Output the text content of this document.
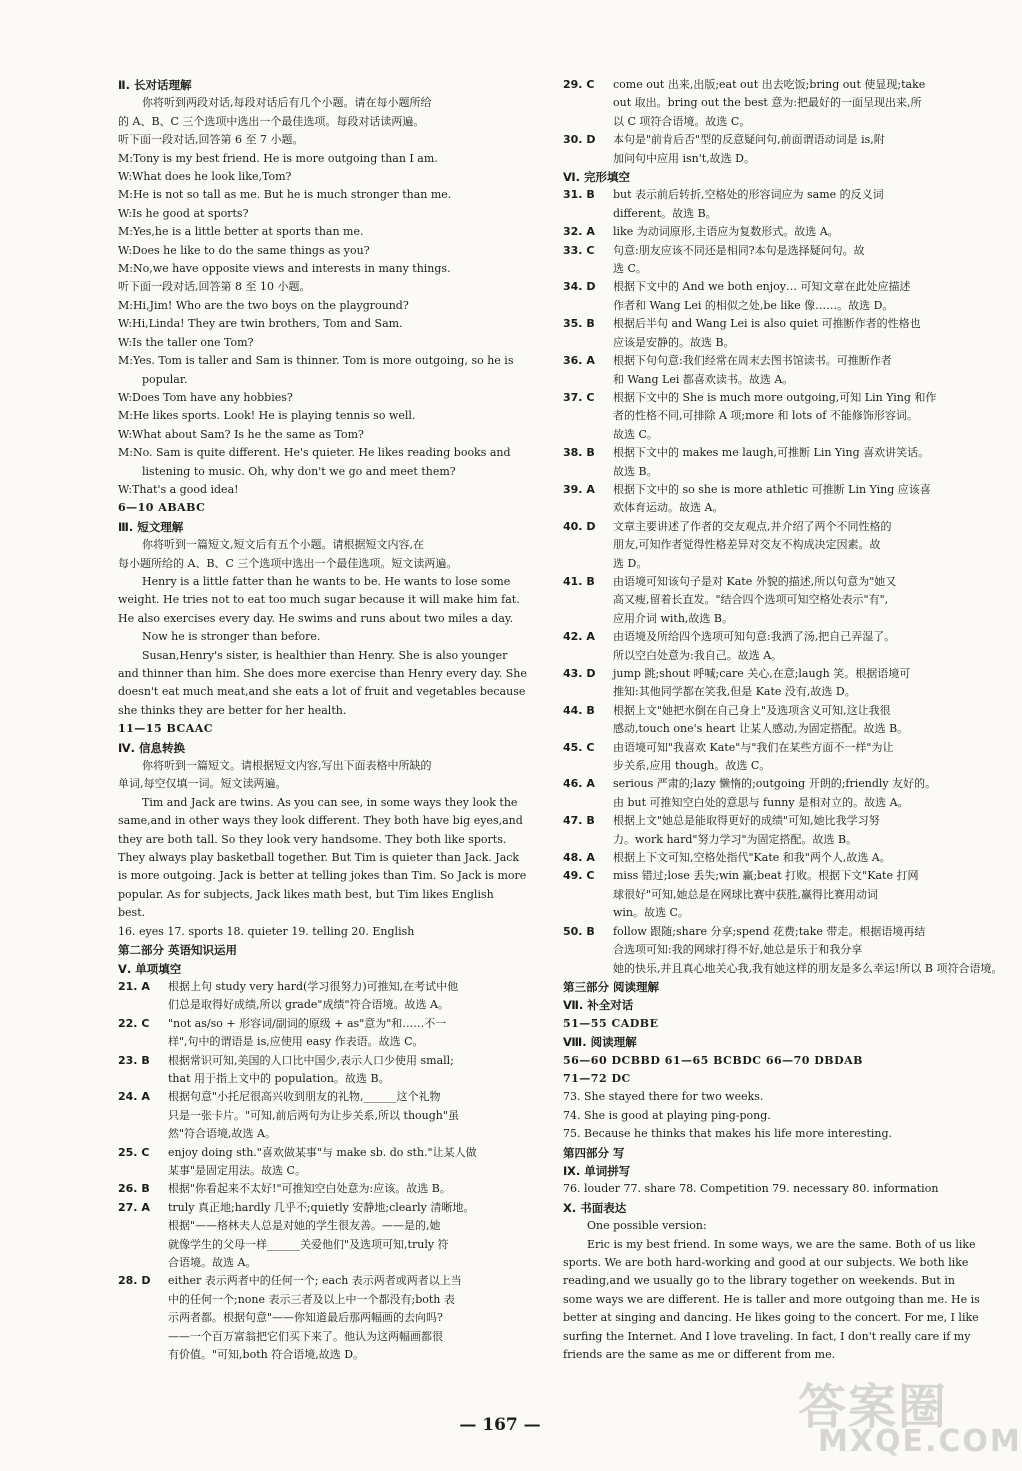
Ⅱ. 长对话理解
你将听到两段对话,每段对话后有几个小题。请在每小题所给
的 A、B、C 三个选项中选出一个最佳选项。每段对话读两遍。
听下面一段对话,回答第 6 至 7 小题。
M:Tony is my best friend. He is more outgoing than I am.
W:What does he look like,Tom?
M:He is not so tall as me. But he is much stronger than me.
W:Is he good at sports?
M:Yes,he is a little better at sports than me.
W:Does he like to do the same things as you?
M:No,we have opposite views and interests in many things.
听下面一段对话,回答第 8 至 10 小题。
M:Hi,Jim! Who are the two boys on the playground?
W:Hi,Linda! They are twin brothers, Tom and Sam.
W:Is the taller one Tom?
M:Yes. Tom is taller and Sam is thinner. Tom is more outgoing, so he is
popular.
W:Does Tom have any hobbies?
M:He likes sports. Look! He is playing tennis so well.
W:What about Sam? Is he the same as Tom?
M:No. Sam is quite different. He's quieter. He likes reading books and
listening to music. Oh, why don't we go and meet them?
W:That's a good idea!
6—10 ABABC
Ⅲ. 短文理解
你将听到一篇短文,短文后有五个小题。请根据短文内容,在
每小题所给的 A、B、C 三个选项中选出一个最佳选项。短文读两遍。
Henry is a little fatter than he wants to be. He wants to lose some
weight. He tries not to eat too much sugar because it will make him fat.
He also exercises every day. He swims and runs about two miles a day.
Now he is stronger than before.
Susan,Henry's sister, is healthier than Henry. She is also younger
and thinner than him. She does more exercise than Henry every day. She
doesn't eat much meat,and she eats a lot of fruit and vegetables because
she thinks they are better for her health.
11—15 BCAAC
Ⅳ. 信息转换
你将听到一篇短文。请根据短文内容,写出下面表格中所缺的
单词,每空仅填一词。短文读两遍。
Tim and Jack are twins. As you can see, in some ways they look the
same,and in other ways they look different. They both have big eyes,and
they are both tall. So they look very handsome. They both like sports.
They always play basketball together. But Tim is quieter than Jack. Jack
is more outgoing. Jack is better at telling jokes than Tim. So Jack is more
popular. As for subjects, Jack likes math best, but Tim likes English
best.
16. eyes 17. sports 18. quieter 19. telling 20. English
第二部分 英语知识运用
Ⅴ. 单项填空
21. A 根据上句 study very hard(学习很努力)可推知,在考试中他
们总是取得好成绩,所以 grade"成绩"符合语境。故选 A。
22. C "not as/so + 形容词/副词的原级 + as"意为"和……不一
样",句中的谓语是 is,应使用 easy 作表语。故选 C。
23. B 根据常识可知,美国的人口比中国少,表示人口少使用 small;
that 用于指上文中的 population。故选 B。
24. A 根据句意"小托尼很高兴收到朋友的礼物,______这个礼物
只是一张卡片。"可知,前后两句为让步关系,所以 though"虽
然"符合语境,故选 A。
25. C enjoy doing sth."喜欢做某事"与 make sb. do sth."让某人做
某事"是固定用法。故选 C。
26. B 根据"你看起来不太好!"可推知空白处意为:应该。故选 B。
27. A truly 真正地;hardly 几乎不;quietly 安静地;clearly 清晰地。
根据"——格林夫人总是对她的学生很友善。——是的,她
就像学生的父母一样______关爱他们"及选项可知,truly 符
合语境。故选 A。
28. D either 表示两者中的任何一个; each 表示两者或两者以上当
中的任何一个;none 表示三者及以上中一个都没有;both 表
示两者都。根据句意"——你知道最后那两幅画的去向吗?
——一个百万富翁把它们买下来了。他认为这两幅画都很
有价值。"可知,both 符合语境,故选 D。
29. C come out 出来,出版;eat out 出去吃饭;bring out 使显现;take
out 取出。bring out the best 意为:把最好的一面呈现出来,所
以 C 项符合语境。故选 C。
30. D 本句是"前肯后否"型的反意疑问句,前面谓语动词是 is,附
加问句中应用 isn't,故选 D。
Ⅵ. 完形填空
31. B but 表示前后转折,空格处的形容词应为 same 的反义词
different。故选 B。
32. A like 为动词原形,主语应为复数形式。故选 A。
33. C 句意:朋友应该不同还是相同?本句是选择疑问句。故
选 C。
34. D 根据下文中的 And we both enjoy… 可知文章在此处应描述
作者和 Wang Lei 的相似之处,be like 像……。故选 D。
35. B 根据后半句 and Wang Lei is also quiet 可推断作者的性格也
应该是安静的。故选 B。
36. A 根据下句句意:我们经常在周末去图书馆读书。可推断作者
和 Wang Lei 都喜欢读书。故选 A。
37. C 根据下文中的 She is much more outgoing,可知 Lin Ying 和作
者的性格不同,可排除 A 项;more 和 lots of 不能修饰形容词。
故选 C。
38. B 根据下文中的 makes me laugh,可推断 Lin Ying 喜欢讲笑话。
故选 B。
39. A 根据下文中的 so she is more athletic 可推断 Lin Ying 应该喜
欢体育运动。故选 A。
40. D 文章主要讲述了作者的交友观点,并介绍了两个不同性格的
朋友,可知作者觉得性格差异对交友不构成决定因素。故
选 D。
41. B 由语境可知该句子是对 Kate 外貌的描述,所以句意为"她又
高又瘦,留着长直发。"结合四个选项可知空格处表示"有",
应用介词 with,故选 B。
42. A 由语境及所给四个选项可知句意:我洒了汤,把自己弄湿了。
所以空白处意为:我自己。故选 A。
43. D jump 跳;shout 呼喊;care 关心,在意;laugh 笑。根据语境可
推知:其他同学都在笑我,但是 Kate 没有,故选 D。
44. B 根据上文"她把水倒在自己身上"及选项含义可知,这让我很
感动,touch one's heart 让某人感动,为固定搭配。故选 B。
45. C 由语境可知"我喜欢 Kate"与"我们在某些方面不一样"为让
步关系,应用 though。故选 C。
46. A serious 严肃的;lazy 懒惰的;outgoing 开朗的;friendly 友好的。
由 but 可推知空白处的意思与 funny 是相对立的。故选 A。
47. B 根据上文"她总是能取得更好的成绩"可知,她比我学习努
力。work hard"努力学习"为固定搭配。故选 B。
48. A 根据上下文可知,空格处指代"Kate 和我"两个人,故选 A。
49. C miss 错过;lose 丢失;win 赢;beat 打败。根据下文"Kate 打网
球很好"可知,她总是在网球比赛中获胜,赢得比赛用动词
win。故选 C。
50. B follow 跟随;share 分享;spend 花费;take 带走。根据语境再结
合选项可知:我的网球打得不好,她总是乐于和我分享
她的快乐,并且真心地关心我,我有她这样的朋友是多么幸运!所以 B 项符合语境。
第三部分 阅读理解
Ⅶ. 补全对话
51—55 CADBE
Ⅷ. 阅读理解
56—60 DCBBD 61—65 BCBDC 66—70 DBDAB
71—72 DC
73. She stayed there for two weeks.
74. She is good at playing ping-pong.
75. Because he thinks that makes his life more interesting.
第四部分 写
Ⅸ. 单词拼写
76. louder 77. share 78. Competition 79. necessary 80. information
Ⅹ. 书面表达
One possible version:
Eric is my best friend. In some ways, we are the same. Both of us like
sports. We are both hard-working and good at our subjects. We both like
reading,and we usually go to the library together on weekends. But in
some ways we are different. He is taller and more outgoing than me. He is
better at singing and dancing. He likes going to the concert. For me, I like
surfing the Internet. And I love traveling. In fact, I don't really care if my
friends are the same as me or different from me.
— 167 —	答案圈
MXQE.COM
